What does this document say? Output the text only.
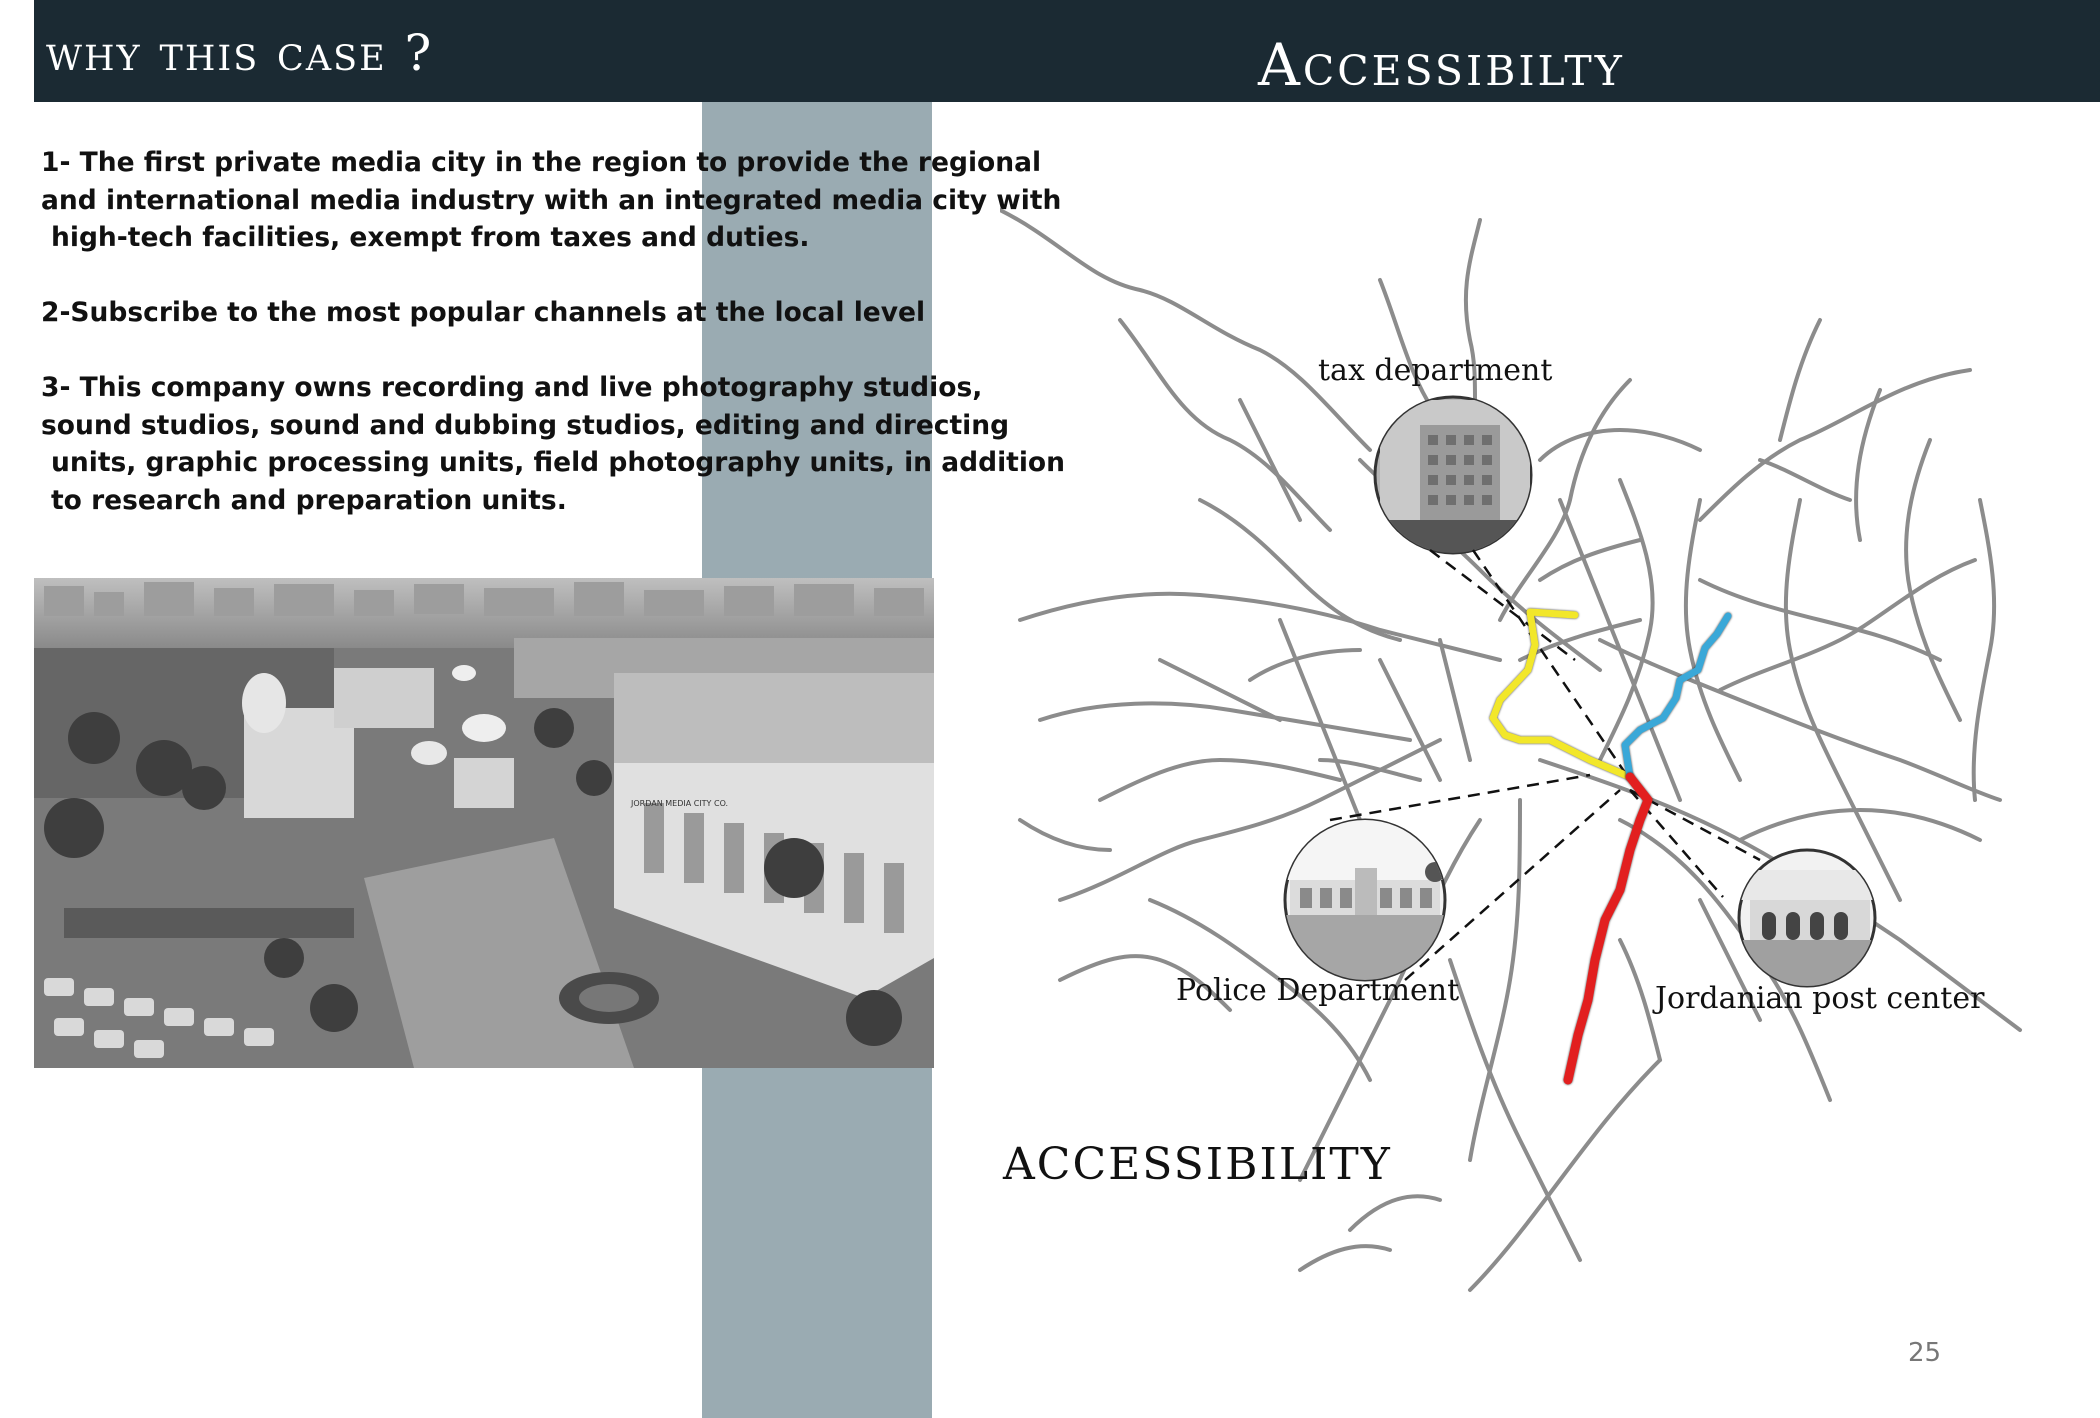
why this case ?	Accessibilty
1- The first private media city in the region to provide the regional
and international media industry with an integrated media city with
high-tech facilities, exempt from taxes and duties.
2-Subscribe to the most popular channels at the local level
3- This company owns recording and live photography studios,
sound studios, sound and dubbing studios, editing and directing
units, graphic processing units, field photography units, in addition
to research and preparation units.
JORDAN MEDIA CITY CO.
tax department
Police Department	Jordanian post center
ACCESSIBILITY
25
